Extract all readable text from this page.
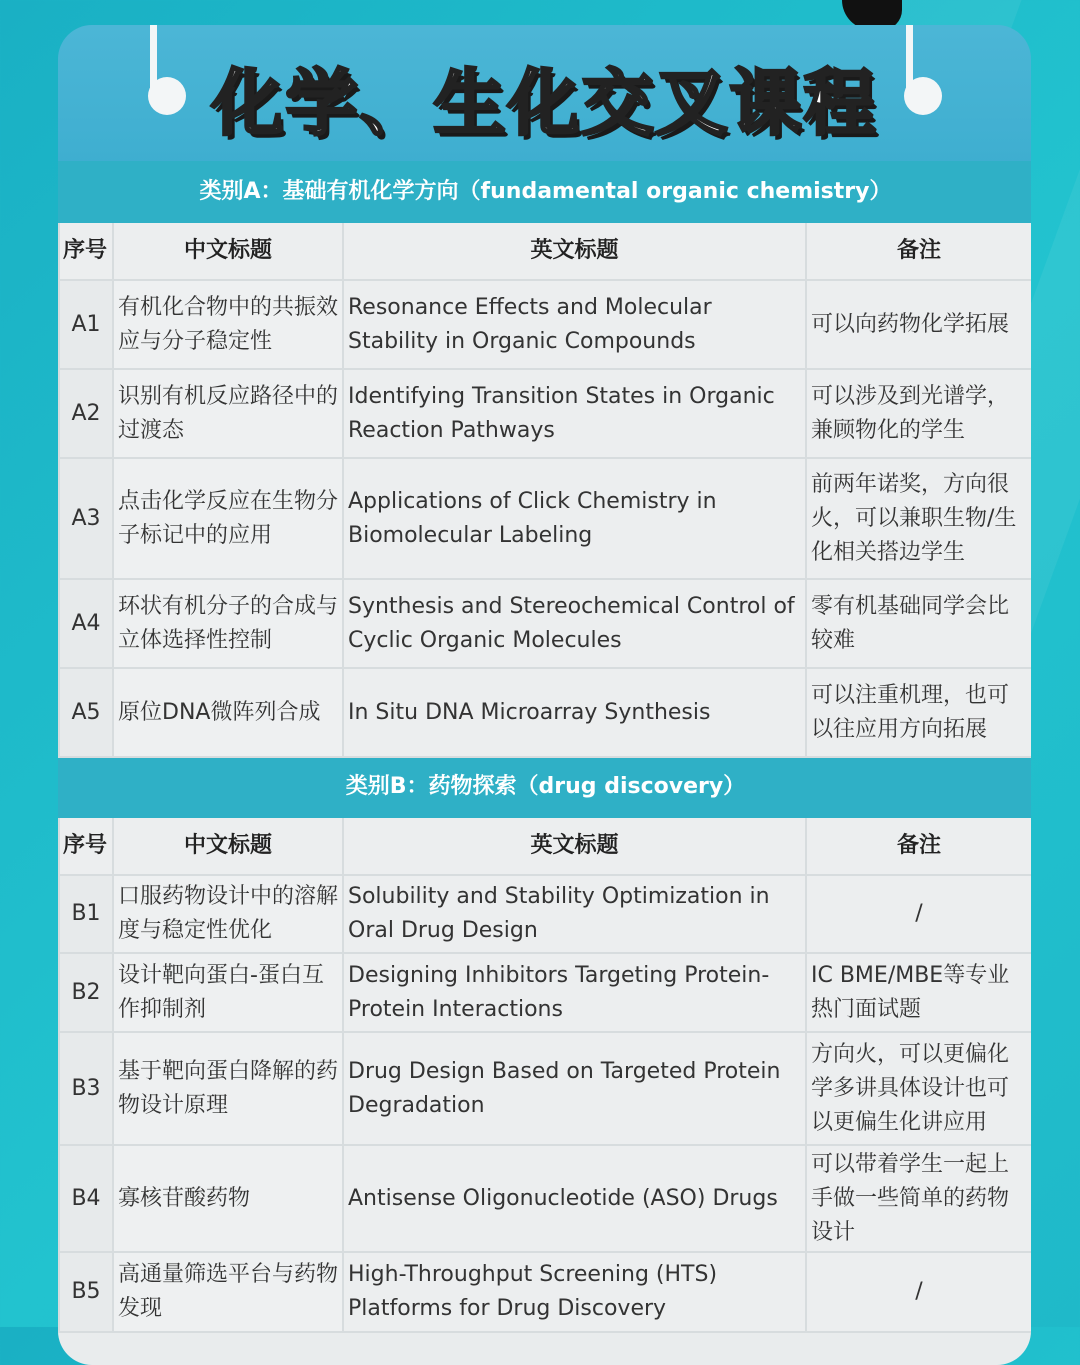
化学、生化交叉课程
类别A：基础有机化学方向（fundamental organic chemistry）			
序号	中文标题	英文标题	备注
A1	有机化合物中的共振效应与分子稳定性	Resonance Effects and Molecular Stability in Organic Compounds	可以向药物化学拓展
A2	识别有机反应路径中的过渡态	Identifying Transition States in Organic Reaction Pathways	可以涉及到光谱学，兼顾物化的学生
A3	点击化学反应在生物分子标记中的应用	Applications of Click Chemistry in Biomolecular Labeling	前两年诺奖，方向很火，可以兼职生物/生化相关搭边学生
A4	环状有机分子的合成与立体选择性控制	Synthesis and Stereochemical Control of Cyclic Organic Molecules	零有机基础同学会比较难
A5	原位DNA微阵列合成	In Situ DNA Microarray Synthesis	可以注重机理，也可以往应用方向拓展
类别B：药物探索（drug discovery）			
序号	中文标题	英文标题	备注
B1	口服药物设计中的溶解度与稳定性优化	Solubility and Stability Optimization in Oral Drug Design	/
B2	设计靶向蛋白-蛋白互作抑制剂	Designing Inhibitors Targeting Protein-Protein Interactions	IC BME/MBE等专业热门面试题
B3	基于靶向蛋白降解的药物设计原理	Drug Design Based on Targeted Protein Degradation	方向火，可以更偏化学多讲具体设计也可以更偏生化讲应用
B4	寡核苷酸药物	Antisense Oligonucleotide (ASO) Drugs	可以带着学生一起上手做一些简单的药物设计
B5	高通量筛选平台与药物发现	High-Throughput Screening (HTS) Platforms for Drug Discovery	/
